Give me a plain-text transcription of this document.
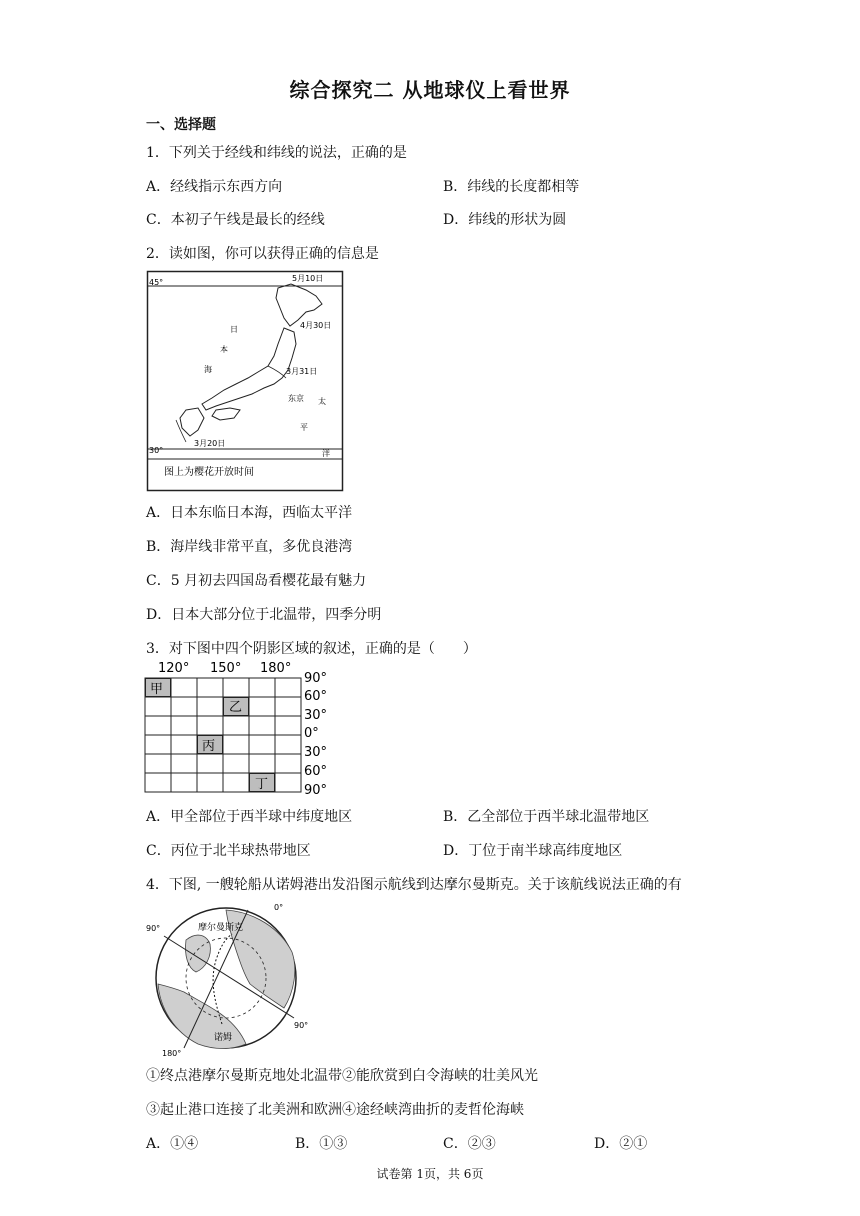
综合探究二 从地球仪上看世界
一、选择题
1．下列关于经线和纬线的说法，正确的是
A．经线指示东西方向	B．纬线的长度都相等
C．本初子午线是最长的经线	D．纬线的形状为圆
2．读如图，你可以获得正确的信息是
45°
30°
5月10日
4月30日
3月31日
3月20日
东京
日
本
海
太
平
洋
图上为樱花开放时间
A．日本东临日本海，西临太平洋
B．海岸线非常平直，多优良港湾
C．5 月初去四国岛看樱花最有魅力
D．日本大部分位于北温带，四季分明
3．对下图中四个阴影区域的叙述，正确的是（　　）
甲
乙
丙
丁
120° 150° 180°
90°
60°
30°
0°
30°
60°
90°
A．甲全部位于西半球中纬度地区	B．乙全部位于西半球北温带地区
C．丙位于北半球热带地区	D．丁位于南半球高纬度地区
4．下图, 一艘轮船从诺姆港出发沿图示航线到达摩尔曼斯克。关于该航线说法正确的有
0°
90°
90°
180°
摩尔曼斯克
诺姆
①终点港摩尔曼斯克地处北温带②能欣赏到白令海峡的壮美风光
③起止港口连接了北美洲和欧洲④途经峡湾曲折的麦哲伦海峡
A．①④	B．①③	C．②③	D．②①
试卷第 1页，共 6页
